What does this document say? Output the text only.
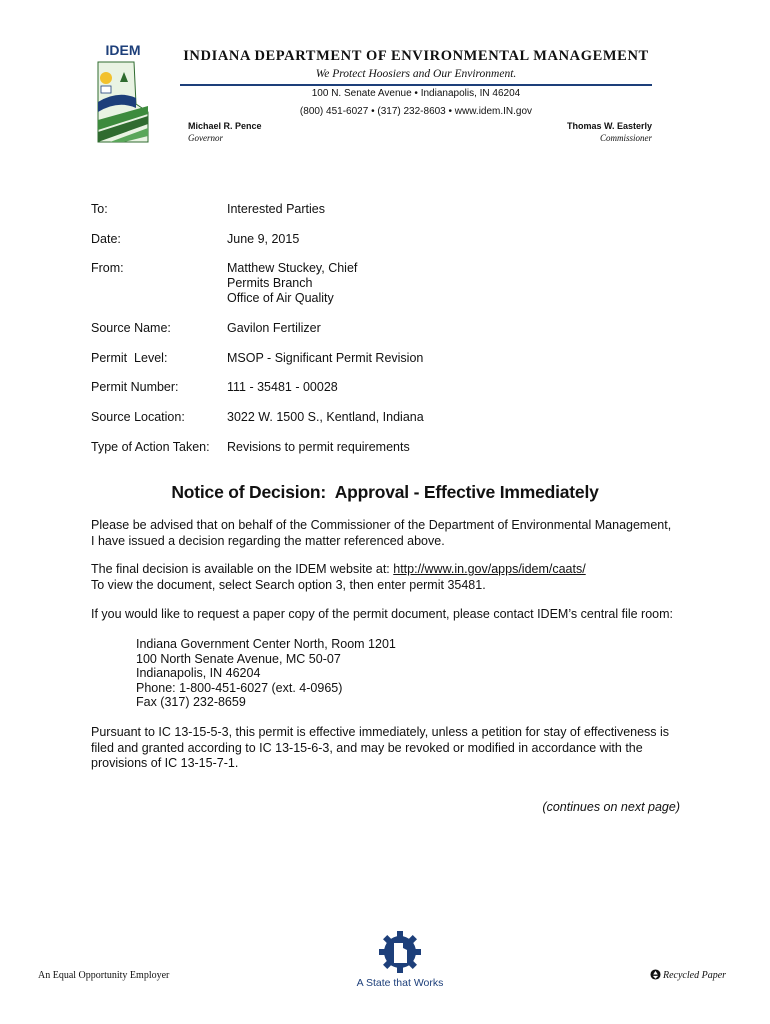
IDEM	INDIANA DEPARTMENT OF ENVIRONMENTAL MANAGEMENT
We Protect Hoosiers and Our Environment.
100 N. Senate Avenue • Indianapolis, IN 46204
(800) 451-6027 • (317) 232-8603 • www.idem.IN.gov
Michael R. Pence
Governor
Thomas W. Easterly
Commissioner
To:	Interested Parties
Date:	June 9, 2015
From:	Matthew Stuckey, Chief
Permits Branch
Office of Air Quality
Source Name:	Gavilon Fertilizer
Permit  Level:	MSOP - Significant Permit Revision
Permit Number:	111 - 35481 - 00028
Source Location:	3022 W. 1500 S., Kentland, Indiana
Type of Action Taken: Revisions to permit requirements
Notice of Decision:  Approval - Effective Immediately
Please be advised that on behalf of the Commissioner of the Department of Environmental Management,
I have issued a decision regarding the matter referenced above.
The final decision is available on the IDEM website at: http://www.in.gov/apps/idem/caats/
To view the document, select Search option 3, then enter permit 35481.
If you would like to request a paper copy of the permit document, please contact IDEM’s central file room:
Indiana Government Center North, Room 1201
100 North Senate Avenue, MC 50-07
Indianapolis, IN 46204
Phone: 1-800-451-6027 (ext. 4-0965)
Fax (317) 232-8659
Pursuant to IC 13-15-5-3, this permit is effective immediately, unless a petition for stay of effectiveness is
filed and granted according to IC 13-15-6-3, and may be revoked or modified in accordance with the
provisions of IC 13-15-7-1.
(continues on next page)
An Equal Opportunity Employer
A State that Works
Recycled Paper
